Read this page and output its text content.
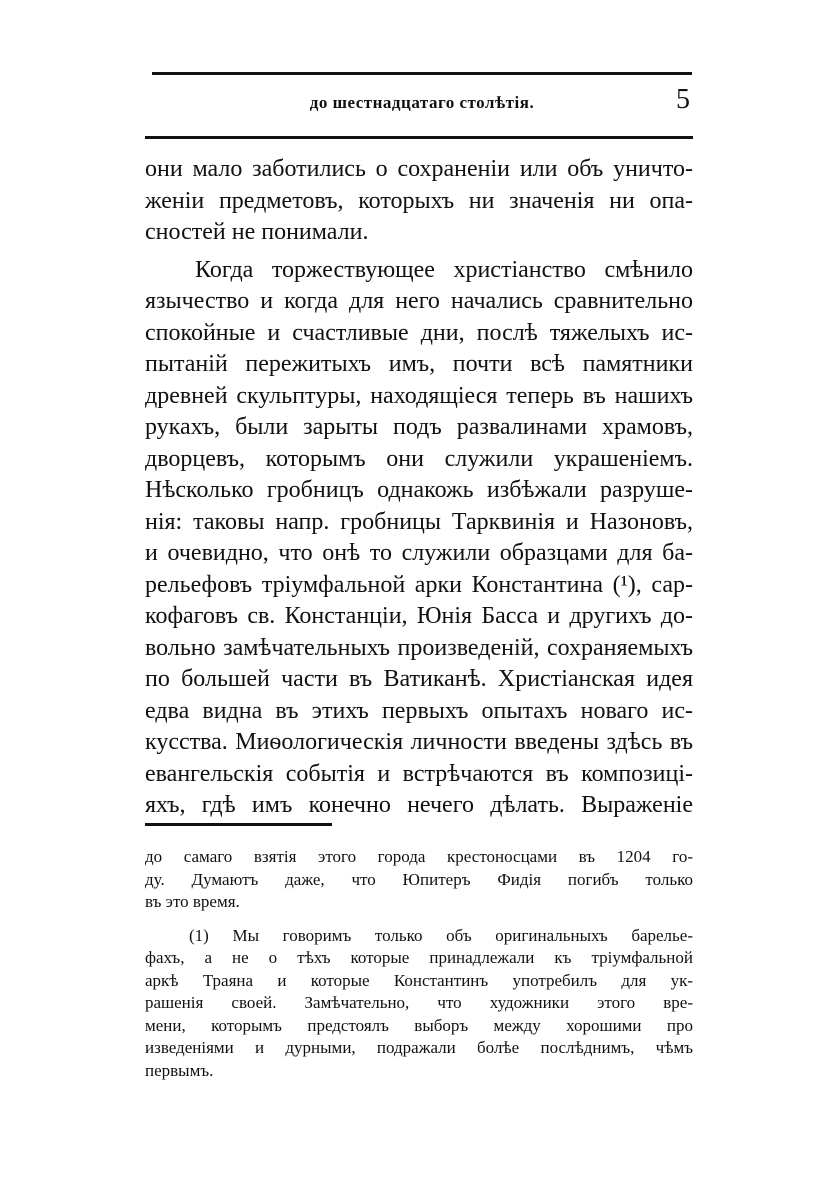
до шестнадцатаго столѣтія.	5
они мало заботились о сохраненіи или объ уничто-
женіи предметовъ, которыхъ ни значенія ни опа-
сностей не понимали.
Когда торжествующее христіанство смѣнило
язычество и когда для него начались сравнительно
спокойные и счастливые дни, послѣ тяжелыхъ ис-
пытаній пережитыхъ имъ, почти всѣ памятники
древней скульптуры, находящіеся теперь въ нашихъ
рукахъ, были зарыты подъ развалинами храмовъ,
дворцевъ, которымъ они служили украшеніемъ.
Нѣсколько гробницъ однакожь избѣжали разруше-
нія: таковы напр. гробницы Тарквинія и Назоновъ,
и очевидно, что онѣ то служили образцами для ба-
рельефовъ тріумфальной арки Константина (¹), сар-
кофаговъ св. Констанціи, Юнія Басса и другихъ до-
вольно замѣчательныхъ произведеній, сохраняемыхъ
по большей части въ Ватиканѣ. Христіанская идея
едва видна въ этихъ первыхъ опытахъ новаго ис-
кусства. Миѳологическія личности введены здѣсь въ
евангельскія событія и встрѣчаются въ композиці-
яхъ, гдѣ имъ конечно нечего дѣлать. Выраженіе
до самаго взятія этого города крестоносцами въ 1204 го-
ду. Думаютъ даже, что Юпитеръ Фидія погибъ только
въ это время.
(1) Мы говоримъ только объ оригинальныхъ барелье-
фахъ, а не о тѣхъ которые принадлежали къ тріумфальной
аркѣ Траяна и которые Константинъ употребилъ для ук-
рашенія своей. Замѣчательно, что художники этого вре-
мени, которымъ предстоялъ выборъ между хорошими про
изведеніями и дурными, подражали болѣе послѣднимъ, чѣмъ
первымъ.
